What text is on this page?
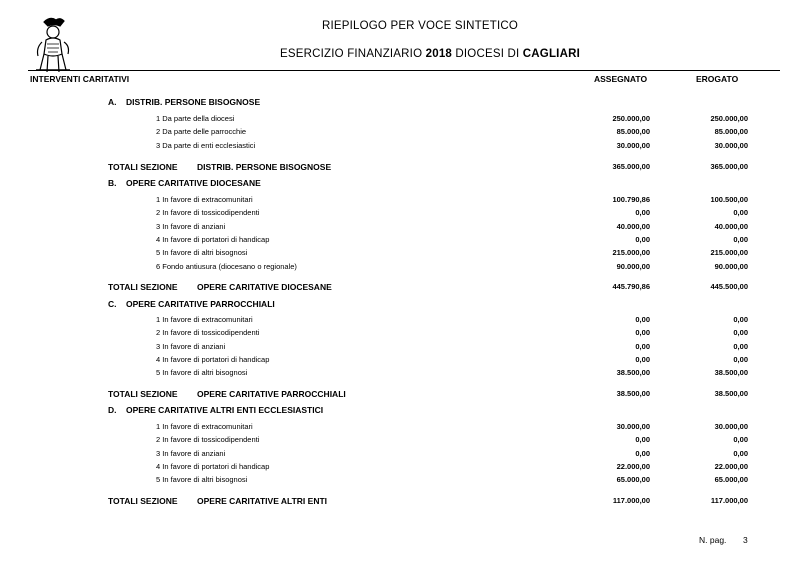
RIEPILOGO PER VOCE SINTETICO
ESERCIZIO FINANZIARIO 2018 DIOCESI DI CAGLIARI
INTERVENTI CARITATIVI	ASSEGNATO	EROGATO
A. DISTRIB. PERSONE BISOGNOSE
1 Da parte della diocesi	250.000,00	250.000,00
2 Da parte delle parrocchie	85.000,00	85.000,00
3 Da parte di enti ecclesiastici	30.000,00	30.000,00
TOTALI SEZIONE DISTRIB. PERSONE BISOGNOSE	365.000,00	365.000,00
B. OPERE CARITATIVE DIOCESANE
1 In favore di extracomunitari	100.790,86	100.500,00
2 In favore di tossicodipendenti	0,00	0,00
3 In favore di anziani	40.000,00	40.000,00
4 In favore di portatori di handicap	0,00	0,00
5 In favore di altri bisognosi	215.000,00	215.000,00
6 Fondo antiusura (diocesano o regionale)	90.000,00	90.000,00
TOTALI SEZIONE OPERE CARITATIVE DIOCESANE	445.790,86	445.500,00
C. OPERE CARITATIVE PARROCCHIALI
1 In favore di extracomunitari	0,00	0,00
2 In favore di tossicodipendenti	0,00	0,00
3 In favore di anziani	0,00	0,00
4 In favore di portatori di handicap	0,00	0,00
5 In favore di altri bisognosi	38.500,00	38.500,00
TOTALI SEZIONE OPERE CARITATIVE PARROCCHIALI	38.500,00	38.500,00
D. OPERE CARITATIVE ALTRI ENTI ECCLESIASTICI
1 In favore di extracomunitari	30.000,00	30.000,00
2 In favore di tossicodipendenti	0,00	0,00
3 In favore di anziani	0,00	0,00
4 In favore di portatori di handicap	22.000,00	22.000,00
5 In favore di altri bisognosi	65.000,00	65.000,00
TOTALI SEZIONE OPERE CARITATIVE ALTRI ENTI	117.000,00	117.000,00
N. pag. 3
